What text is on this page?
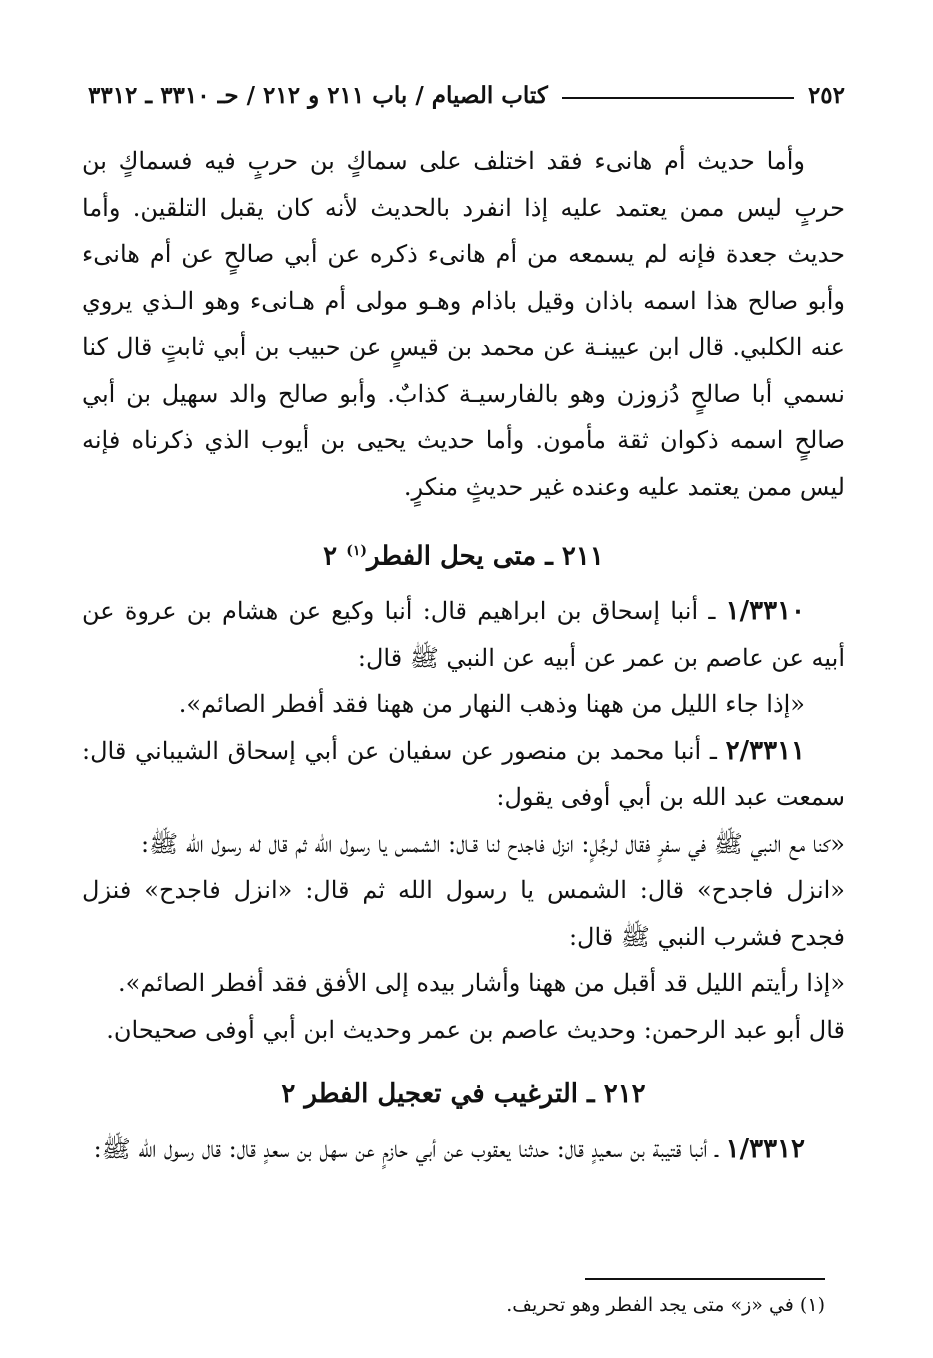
٢٥٢
كتاب الصيام / باب ٢١١ و ٢١٢ / حـ ٣٣١٠ ـ ٣٣١٢

وأما حديث أم هانىء فقد اختلف على سماكٍ بن حربٍ فيه فسماكٍ بن حربٍ ليس ممن يعتمد عليه إذا انفرد بالحديث لأنه كان يقبل التلقين. وأما حديث جعدة فإنه لم يسمعه من أم هانىء ذكره عن أبي صالحٍ عن أم هانىء وأبو صالح هذا اسمه باذان وقيل باذام وهـو مولى أم هـانىء وهو الـذي يروي عنه الكلبي. قال ابن عيينـة عن محمد بن قيسٍ عن حبيب بن أبي ثابتٍ قال كنا نسمي أبا صالحٍ دُزوزن وهو بالفارسيـة كذابٌ. وأبو صالح والد سهيل بن أبي صالحٍ اسمه ذكوان ثقة مأمون. وأما حديث يحيى بن أيوب الذي ذكرناه فإنه ليس ممن يعتمد عليه وعنده غير حديثٍ منكرٍ.

٢١١ ـ متى يحل الفطر$^{(١)}$ ٢

١/٣٣١٠ ـ أنبا إسحاق بن ابراهيم قال: أنبا وكيع عن هشام بن عروة عن أبيه عن عاصم بن عمر عن أبيه عن النبي ﷺ قال:

«إذا جاء الليل من ههنا وذهب النهار من ههنا فقد أفطر الصائم».

٢/٣٣١١ ـ أنبا محمد بن منصور عن سفيان عن أبي إسحاق الشيباني قال: سمعت عبد الله بن أبي أوفى يقول:

«كنا مع النبي ﷺ في سفرٍ فقال لرجُلٍ: انزل فاجدح لنا قـال: الشمس يا رسول الله ثم قال له رسول الله ﷺ:

«انزل فاجدح» قال: الشمس يا رسول الله ثم قال: «انزل فاجدح» فنزل فجدح فشرب النبي ﷺ قال:

«إذا رأيتم الليل قد أقبل من ههنا وأشار بيده إلى الأفق فقد أفطر الصائم».

قال أبو عبد الرحمن: وحديث عاصم بن عمر وحديث ابن أبي أوفى صحيحان.

٢١٢ ـ الترغيب في تعجيل الفطر ٢

١/٣٣١٢ ـ أنبا قتيبة بن سعيدٍ قال: حدثنا يعقوب عن أبي حازمٍ عن سهل بن سعدٍ قال: قال رسول الله ﷺ:

(١) في «ز» متى يجد الفطر وهو تحريف.
